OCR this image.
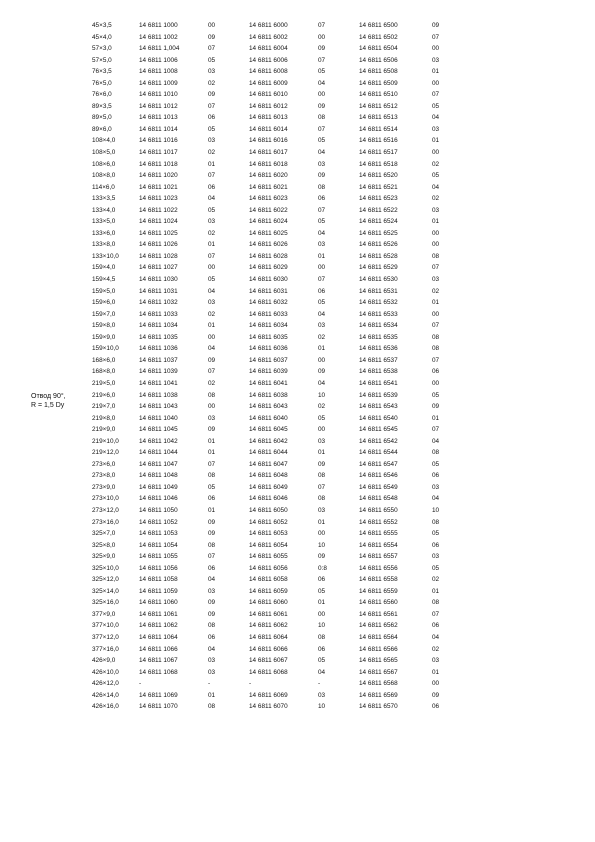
Отвод 90°,
R = 1,5 Dy
45×3,5	14 6811 1000	00	14 6811 6000	07	14 6811 6500	09
45×4,0	14 6811 1002	09	14 6811 6002	00	14 6811 6502	07
57×3,0	14 6811 1,004	07	14 6811 6004	09	14 6811 6504	00
57×5,0	14 6811 1006	05	14 6811 6006	07	14 6811 6506	03
76×3,5	14 6811 1008	03	14 6811 6008	05	14 6811 6508	01
76×5,0	14 6811 1009	02	14 6811 6009	04	14 6811 6509	00
76×6,0	14 6811 1010	09	14 6811 6010	00	14 6811 6510	07
89×3,5	14 6811 1012	07	14 6811 6012	09	14 6811 6512	05
89×5,0	14 6811 1013	06	14 6811 6013	08	14 6811 6513	04
89×6,0	14 6811 1014	05	14 6811 6014	07	14 6811 6514	03
108×4,0	14 6811 1016	03	14 6811 6016	05	14 6811 6516	01
108×5,0	14 6811 1017	02	14 6811 6017	04	14 6811 6517	00
108×6,0	14 6811 1018	01	14 6811 6018	03	14 6811 6518	02
108×8,0	14 6811 1020	07	14 6811 6020	09	14 6811 6520	05
114×6,0	14 6811 1021	06	14 6811 6021	08	14 6811 6521	04
133×3,5	14 6811 1023	04	14 6811 6023	06	14 6811 6523	02
133×4,0	14 6811 1022	05	14 6811 6022	07	14 6811 6522	03
133×5,0	14 6811 1024	03	14 6811 6024	05	14 6811 6524	01
133×6,0	14 6811 1025	02	14 6811 6025	04	14 6811 6525	00
133×8,0	14 6811 1026	01	14 6811 6026	03	14 6811 6526	00
133×10,0	14 6811 1028	07	14 6811 6028	01	14 6811 6528	08
159×4,0	14 6811 1027	00	14 6811 6029	00	14 6811 6529	07
159×4,5	14 6811 1030	05	14 6811 6030	07	14 6811 6530	03
159×5,0	14 6811 1031	04	14 6811 6031	06	14 6811 6531	02
159×6,0	14 6811 1032	03	14 6811 6032	05	14 6811 6532	01
159×7,0	14 6811 1033	02	14 6811 6033	04	14 6811 6533	00
159×8,0	14 6811 1034	01	14 6811 6034	03	14 6811 6534	07
159×9,0	14 6811 1035	00	14 6811 6035	02	14 6811 6535	08
159×10,0	14 6811 1036	04	14 6811 6036	01	14 6811 6536	08
168×6,0	14 6811 1037	09	14 6811 6037	00	14 6811 6537	07
168×8,0	14 6811 1039	07	14 6811 6039	09	14 6811 6538	06
219×5,0	14 6811 1041	02	14 6811 6041	04	14 6811 6541	00
219×6,0	14 6811 1038	08	14 6811 6038	10	14 6811 6539	05
219×7,0	14 6811 1043	00	14 6811 6043	02	14 6811 6543	09
219×8,0	14 6811 1040	03	14 6811 6040	05	14 6811 6540	01
219×9,0	14 6811 1045	09	14 6811 6045	00	14 6811 6545	07
219×10,0	14 6811 1042	01	14 6811 6042	03	14 6811 6542	04
219×12,0	14 6811 1044	01	14 6811 6044	01	14 6811 6544	08
273×6,0	14 6811 1047	07	14 6811 6047	09	14 6811 6547	05
273×8,0	14 6811 1048	08	14 6811 6048	08	14 6811 6546	06
273×9,0	14 6811 1049	05	14 6811 6049	07	14 6811 6549	03
273×10,0	14 6811 1046	06	14 6811 6046	08	14 6811 6548	04
273×12,0	14 6811 1050	01	14 6811 6050	03	14 6811 6550	10
273×16,0	14 6811 1052	09	14 6811 6052	01	14 6811 6552	08
325×7,0	14 6811 1053	09	14 6811 6053	00	14 6811 6555	05
325×8,0	14 6811 1054	08	14 6811 6054	10	14 6811 6554	06
325×9,0	14 6811 1055	07	14 6811 6055	09	14 6811 6557	03
325×10,0	14 6811 1056	06	14 6811 6056	0:8	14 6811 6556	05
325×12,0	14 6811 1058	04	14 6811 6058	06	14 6811 6558	02
325×14,0	14 6811 1059	03	14 6811 6059	05	14 6811 6559	01
325×16,0	14 6811 1060	09	14 6811 6060	01	14 6811 6560	08
377×9,0	14 6811 1061	09	14 6811 6061	00	14 6811 6561	07
377×10,0	14 6811 1062	08	14 6811 6062	10	14 6811 6562	06
377×12,0	14 6811 1064	06	14 6811 6064	08	14 6811 6564	04
377×16,0	14 6811 1066	04	14 6811 6066	06	14 6811 6566	02
426×9,0	14 6811 1067	03	14 6811 6067	05	14 6811 6565	03
426×10,0	14 6811 1068	03	14 6811 6068	04	14 6811 6567	01
426×12,0	-	-	-	-	14 6811 6568	00
426×14,0	14 6811 1069	01	14 6811 6069	03	14 6811 6569	09
426×16,0	14 6811 1070	08	14 6811 6070	10	14 6811 6570	06
